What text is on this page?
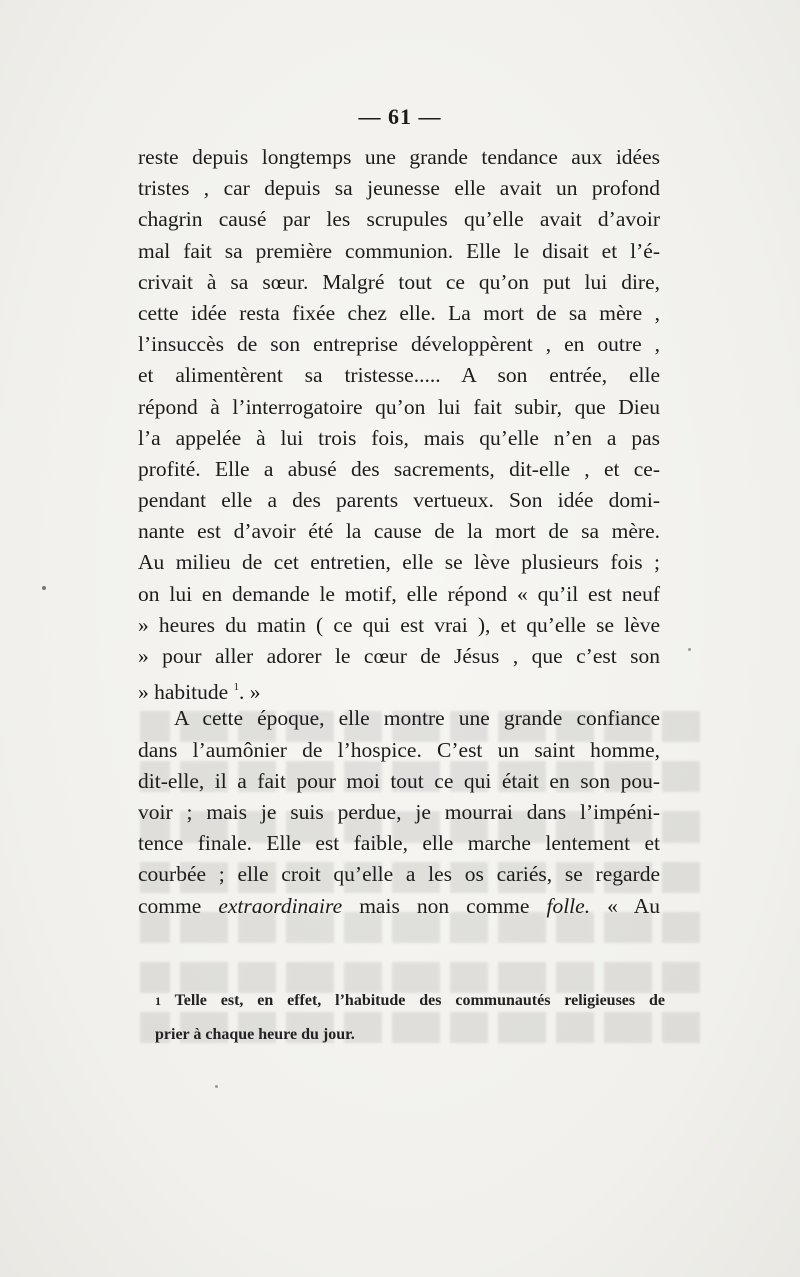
— 61 —
reste depuis longtemps une grande tendance aux idées
tristes , car depuis sa jeunesse elle avait un profond
chagrin causé par les scrupules qu’elle avait d’avoir
mal fait sa première communion. Elle le disait et l’é-
crivait à sa sœur. Malgré tout ce qu’on put lui dire,
cette idée resta fixée chez elle. La mort de sa mère ,
l’insuccès de son entreprise développèrent , en outre ,
et alimentèrent sa tristesse..... A son entrée, elle
répond à l’interrogatoire qu’on lui fait subir, que Dieu
l’a appelée à lui trois fois, mais qu’elle n’en a pas
profité. Elle a abusé des sacrements, dit-elle , et ce-
pendant elle a des parents vertueux. Son idée domi-
nante est d’avoir été la cause de la mort de sa mère.
Au milieu de cet entretien, elle se lève plusieurs fois ;
on lui en demande le motif, elle répond « qu’il est neuf
» heures du matin ( ce qui est vrai ), et qu’elle se lève
» pour aller adorer le cœur de Jésus , que c’est son
» habitude $^1$. »
A cette époque, elle montre une grande confiance
dans l’aumônier de l’hospice. C’est un saint homme,
dit-elle, il a fait pour moi tout ce qui était en son pou-
voir ; mais je suis perdue, je mourrai dans l’impéni-
tence finale. Elle est faible, elle marche lentement et
courbée ; elle croit qu’elle a les os cariés, se regarde
comme extraordinaire mais non comme folle. « Au
1 Telle est, en effet, l’habitude des communautés religieuses de
prier à chaque heure du jour.
